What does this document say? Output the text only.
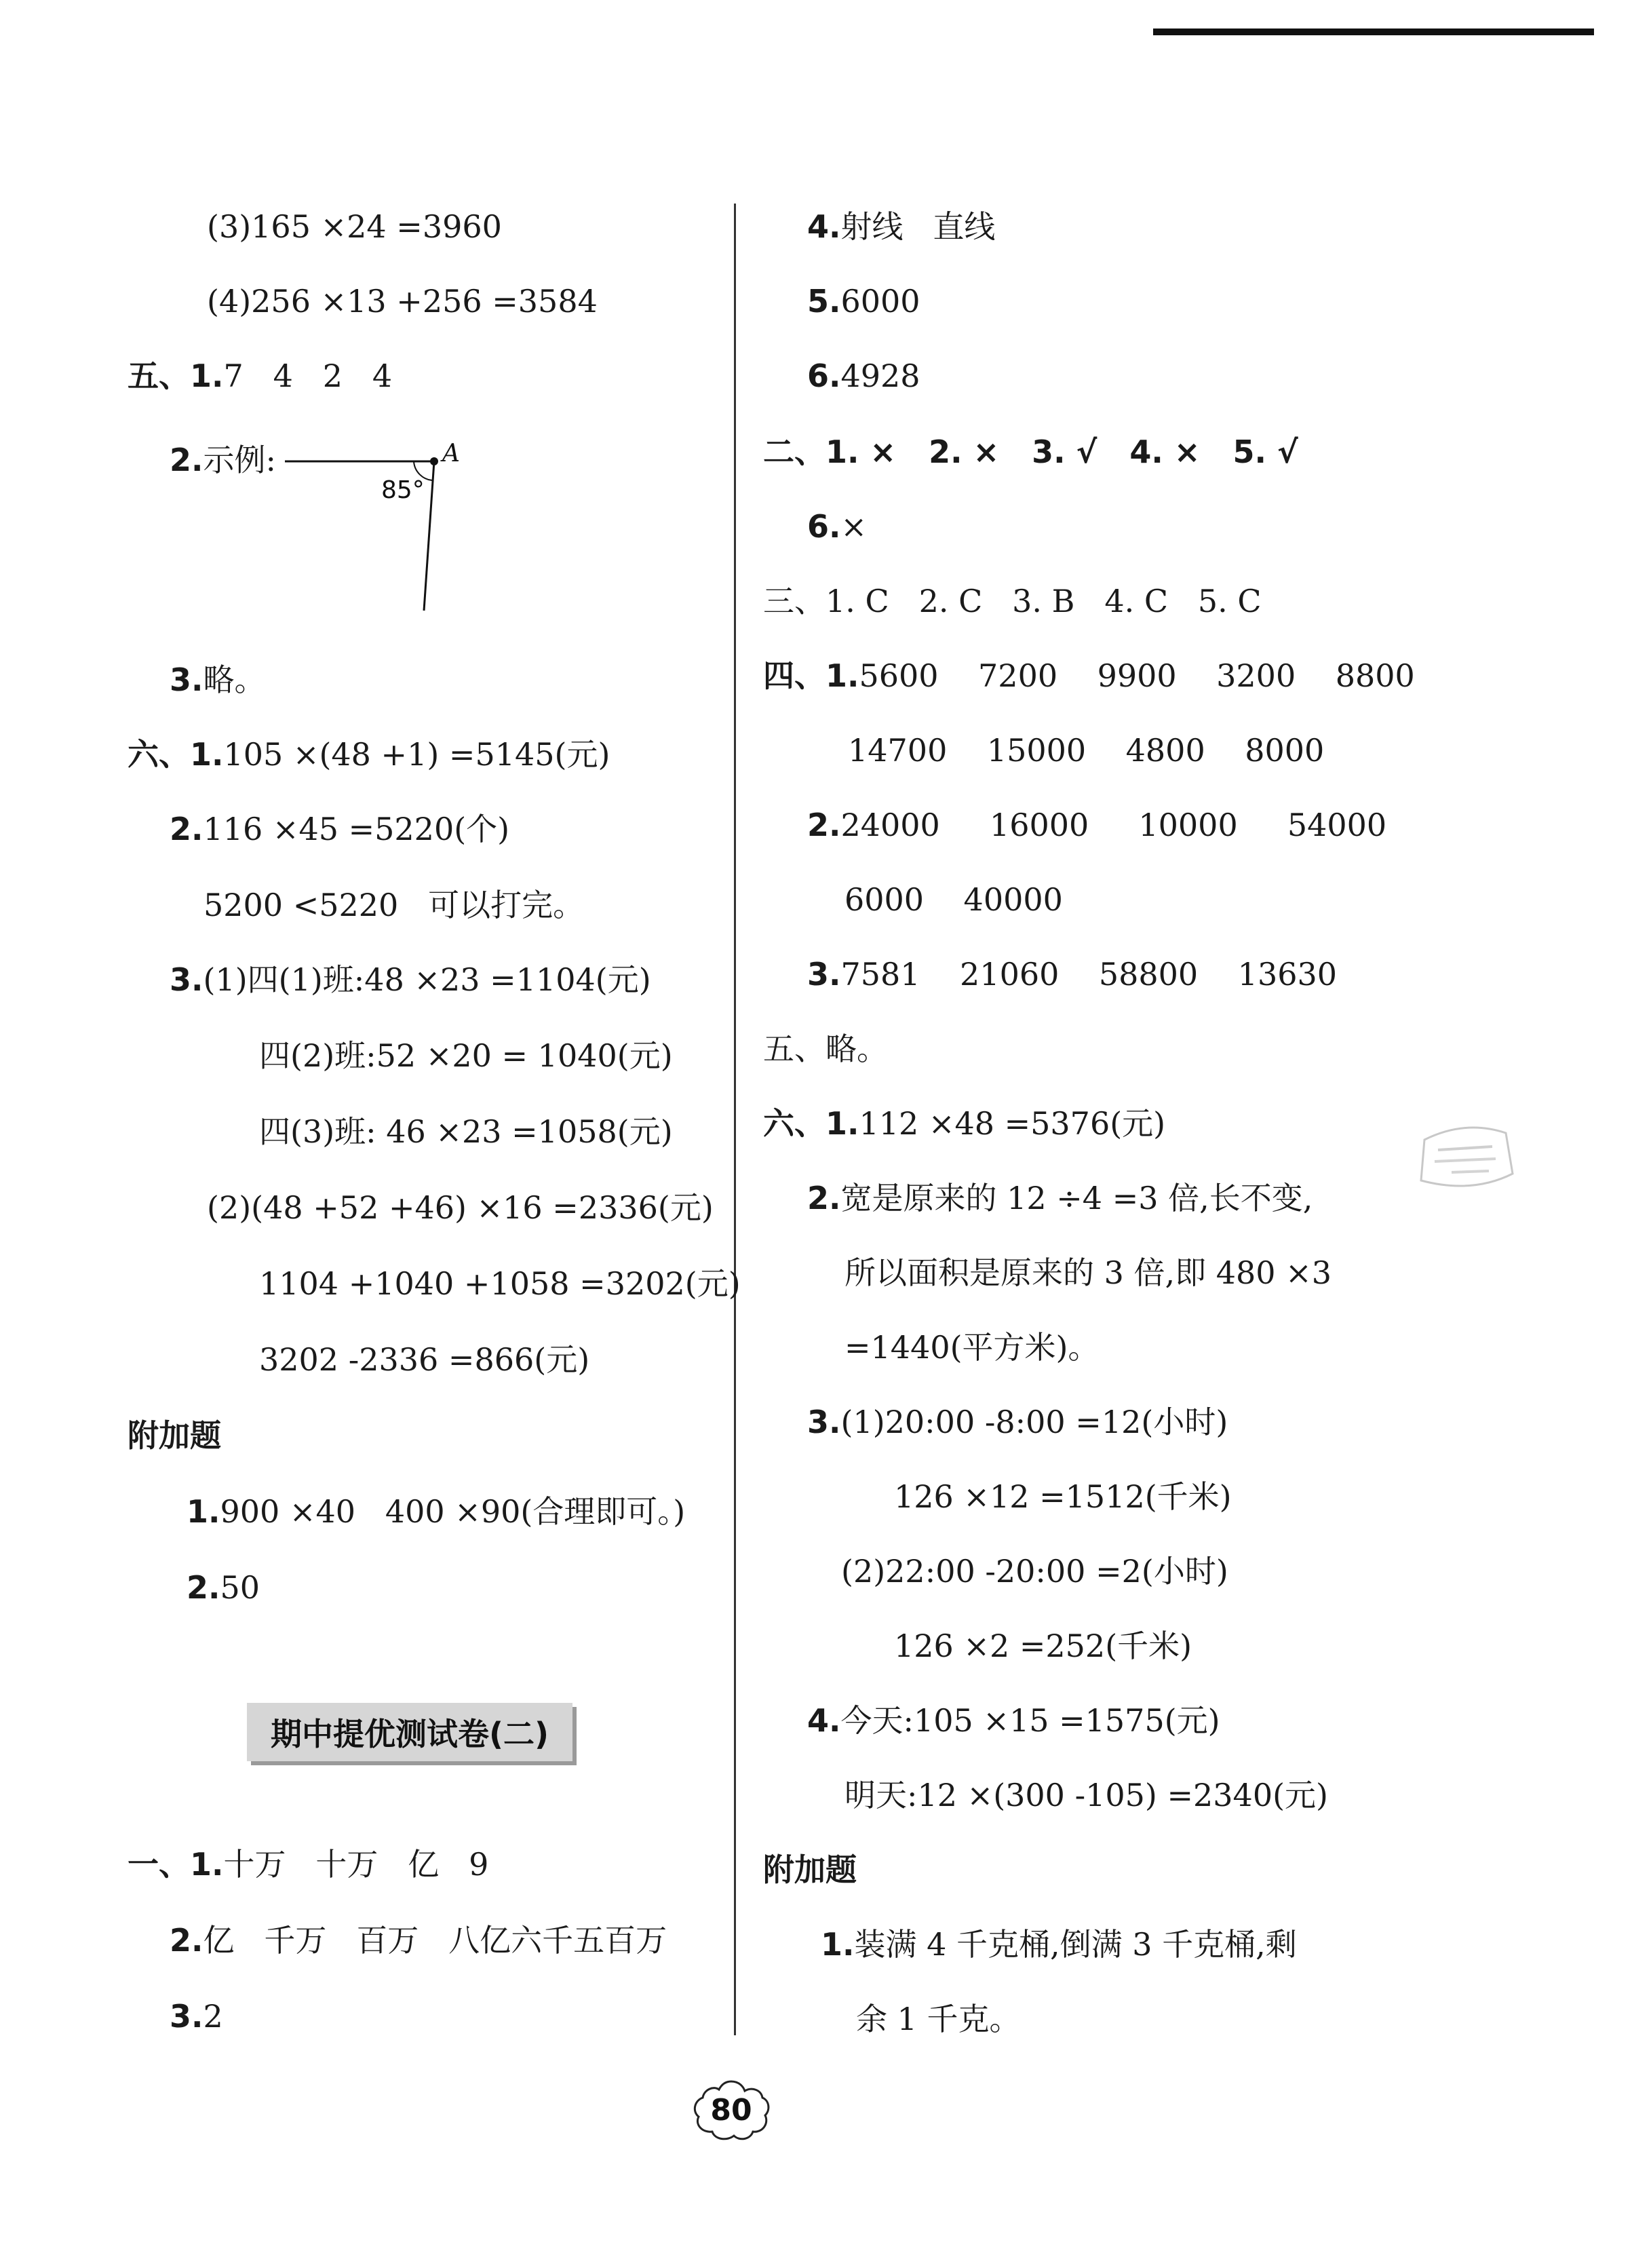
(3)165 ×24 =3960
(4)256 ×13 +256 =3584
五、1.7   4   2   4
2.示例:
85°
A
3.略。
六、1.105 ×(48 +1) =5145(元)
2.116 ×45 =5220(个)
5200 <5220   可以打完。
3.(1)四(1)班:48 ×23 =1104(元)
四(2)班:52 ×20 = 1040(元)
四(3)班: 46 ×23 =1058(元)
(2)(48 +52 +46) ×16 =2336(元)
1104 +1040 +1058 =3202(元)
3202 -2336 =866(元)
附加题
1.900 ×40   400 ×90(合理即可。)
2.50
期中提优测试卷(二)
一、1.十万   十万   亿   9
2.亿   千万   百万   八亿六千五百万
3.2
4.射线   直线
5.6000
6.4928
二、1. ×   2. ×   3. √   4. ×   5. √
6.×
三、1. C   2. C   3. B   4. C   5. C
四、1.5600    7200    9900    3200    8800
14700    15000    4800    8000
2.24000     16000     10000     54000
6000    40000
3.7581    21060    58800    13630
五、略。
六、1.112 ×48 =5376(元)
2.宽是原来的 12 ÷4 =3 倍,长不变,
所以面积是原来的 3 倍,即 480 ×3
=1440(平方米)。
3.(1)20:00 -8:00 =12(小时)
126 ×12 =1512(千米)
(2)22:00 -20:00 =2(小时)
126 ×2 =252(千米)
4.今天:105 ×15 =1575(元)
明天:12 ×(300 -105) =2340(元)
附加题
1.装满 4 千克桶,倒满 3 千克桶,剩
余 1 千克。
80
